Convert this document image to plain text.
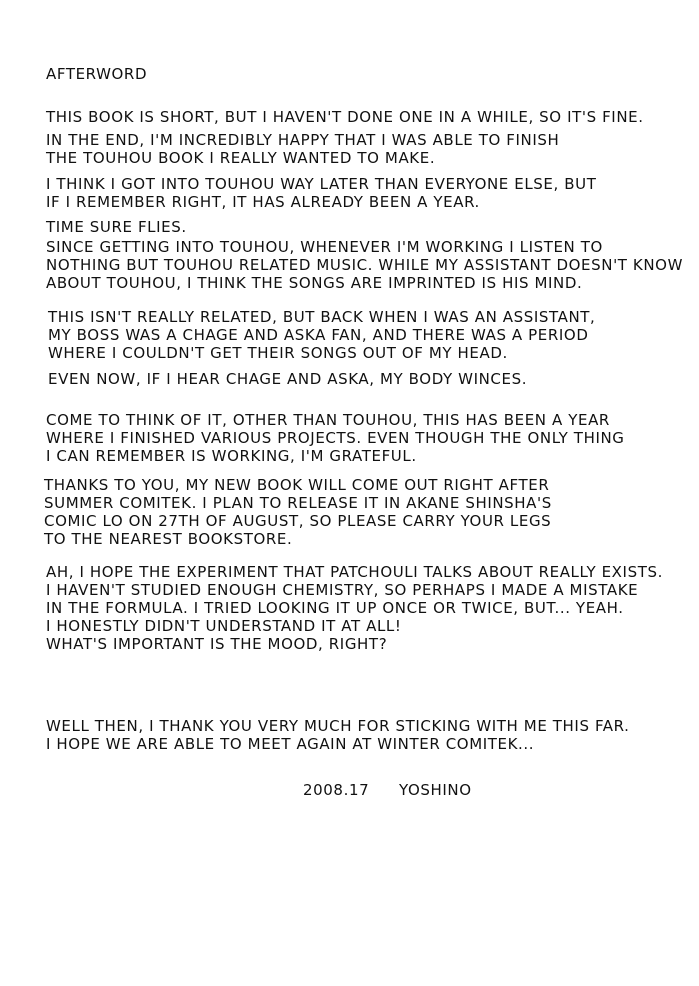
AFTERWORD
THIS BOOK IS SHORT, BUT I HAVEN'T DONE ONE IN A WHILE, SO IT'S FINE.
IN THE END, I'M INCREDIBLY HAPPY THAT I WAS ABLE TO FINISH
THE TOUHOU BOOK I REALLY WANTED TO MAKE.
I THINK I GOT INTO TOUHOU WAY LATER THAN EVERYONE ELSE, BUT
IF I REMEMBER RIGHT, IT HAS ALREADY BEEN A YEAR.
TIME SURE FLIES.
SINCE GETTING INTO TOUHOU, WHENEVER I'M WORKING I LISTEN TO
NOTHING BUT TOUHOU RELATED MUSIC. WHILE MY ASSISTANT DOESN'T KNOW
ABOUT TOUHOU, I THINK THE SONGS ARE IMPRINTED IS HIS MIND.
THIS ISN'T REALLY RELATED, BUT BACK WHEN I WAS AN ASSISTANT,
MY BOSS WAS A CHAGE AND ASKA FAN, AND THERE WAS A PERIOD
WHERE I COULDN'T GET THEIR SONGS OUT OF MY HEAD.
EVEN NOW, IF I HEAR CHAGE AND ASKA, MY BODY WINCES.
COME TO THINK OF IT, OTHER THAN TOUHOU, THIS HAS BEEN A YEAR
WHERE I FINISHED VARIOUS PROJECTS. EVEN THOUGH THE ONLY THING
I CAN REMEMBER IS WORKING, I'M GRATEFUL.
THANKS TO YOU, MY NEW BOOK WILL COME OUT RIGHT AFTER
SUMMER COMITEK. I PLAN TO RELEASE IT IN AKANE SHINSHA'S
COMIC LO ON 27TH OF AUGUST, SO PLEASE CARRY YOUR LEGS
TO THE NEAREST BOOKSTORE.
AH, I HOPE THE EXPERIMENT THAT PATCHOULI TALKS ABOUT REALLY EXISTS.
I HAVEN'T STUDIED ENOUGH CHEMISTRY, SO PERHAPS I MADE A MISTAKE
IN THE FORMULA. I TRIED LOOKING IT UP ONCE OR TWICE, BUT... YEAH.
I HONESTLY DIDN'T UNDERSTAND IT AT ALL!
WHAT'S IMPORTANT IS THE MOOD, RIGHT?
WELL THEN, I THANK YOU VERY MUCH FOR STICKING WITH ME THIS FAR.
I HOPE WE ARE ABLE TO MEET AGAIN AT WINTER COMITEK...
2008.17 YOSHINO
